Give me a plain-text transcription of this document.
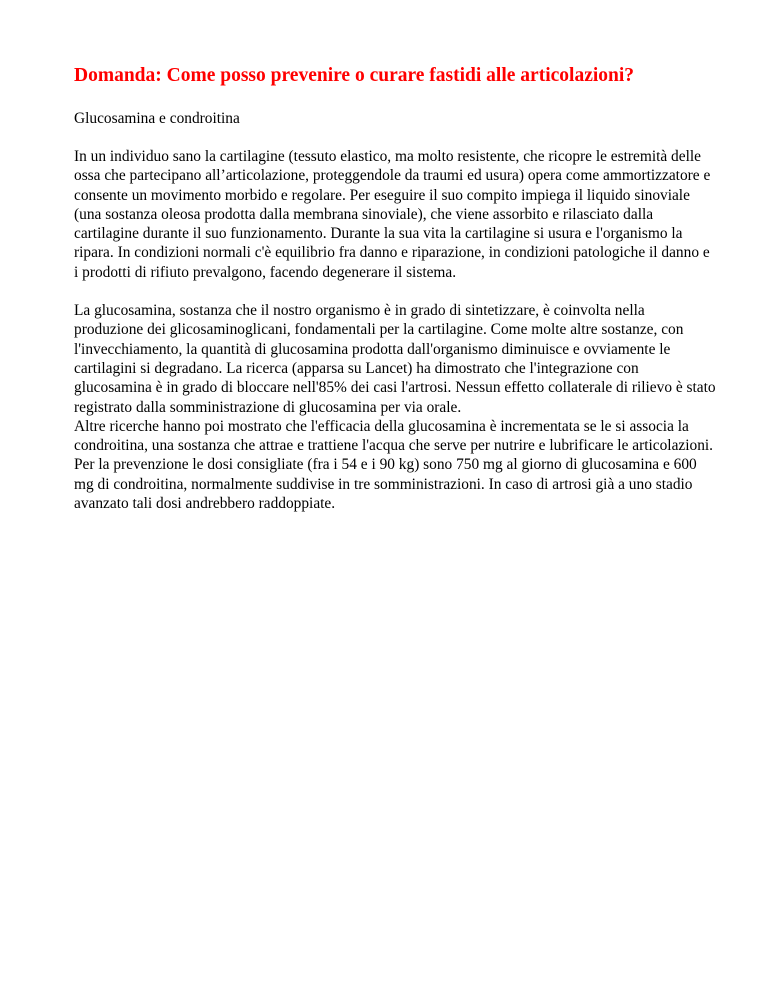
Domanda: Come posso prevenire o curare fastidi alle articolazioni?

Glucosamina e condroitina

In un individuo sano la cartilagine (tessuto elastico, ma molto resistente, che ricopre le estremità delle ossa che partecipano all’articolazione, proteggendole da traumi ed usura) opera come ammortizzatore e consente un movimento morbido e regolare. Per eseguire il suo compito impiega il liquido sinoviale (una sostanza oleosa prodotta dalla membrana sinoviale), che viene assorbito e rilasciato dalla cartilagine durante il suo funzionamento. Durante la sua vita la cartilagine si usura e l'organismo la ripara. In condizioni normali c'è equilibrio fra danno e riparazione, in condizioni patologiche il danno e i prodotti di rifiuto prevalgono, facendo degenerare il sistema.

La glucosamina, sostanza che il nostro organismo è in grado di sintetizzare, è coinvolta nella produzione dei glicosaminoglicani, fondamentali per la cartilagine. Come molte altre sostanze, con l'invecchiamento, la quantità di glucosamina prodotta dall'organismo diminuisce e ovviamente le cartilagini si degradano. La ricerca (apparsa su Lancet) ha dimostrato che l'integrazione con glucosamina è in grado di bloccare nell'85% dei casi l'artrosi. Nessun effetto collaterale di rilievo è stato registrato dalla somministrazione di glucosamina per via orale.

Altre ricerche hanno poi mostrato che l'efficacia della glucosamina è incrementata se le si associa la condroitina, una sostanza che attrae e trattiene l'acqua che serve per nutrire e lubrificare le articolazioni.

Per la prevenzione le dosi consigliate (fra i 54 e i 90 kg) sono 750 mg al giorno di glucosamina e 600 mg di condroitina, normalmente suddivise in tre somministrazioni. In caso di artrosi già a uno stadio avanzato tali dosi andrebbero raddoppiate.
